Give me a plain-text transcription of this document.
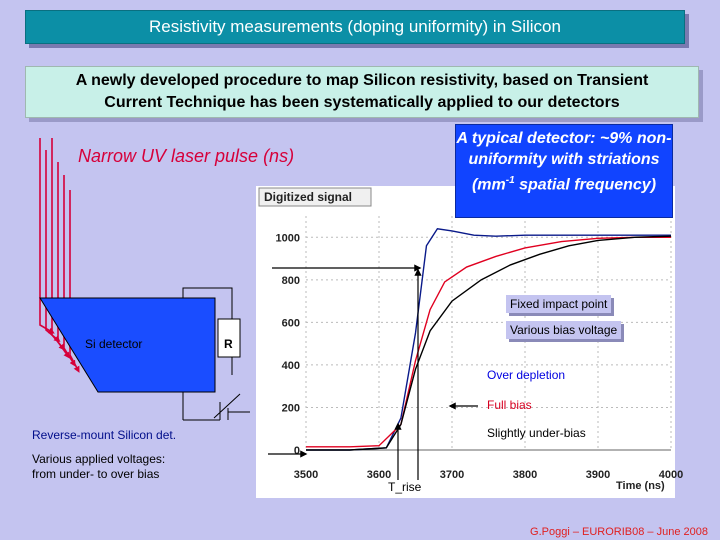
Resistivity measurements (doping uniformity) in Silicon
A newly developed procedure to map Silicon resistivity, based on Transient
Current Technique has been systematically applied to our detectors
Narrow UV laser pulse (ns)
Si detector	R
Digitized signal
0
200
400
600
800
1000
3500	3600	3700	3800	3900	4000
Time (ns)
A typical detector: ~9% non-uniformity with striations ($mm^{-1}$ spatial frequency)
Fixed impact point
Various bias voltage
Over depletion
Full bias
Slightly under-bias
T_rise
Reverse-mount Silicon det.
Various applied voltages:
from under- to over bias
G.Poggi – EURORIB08 – June 2008
